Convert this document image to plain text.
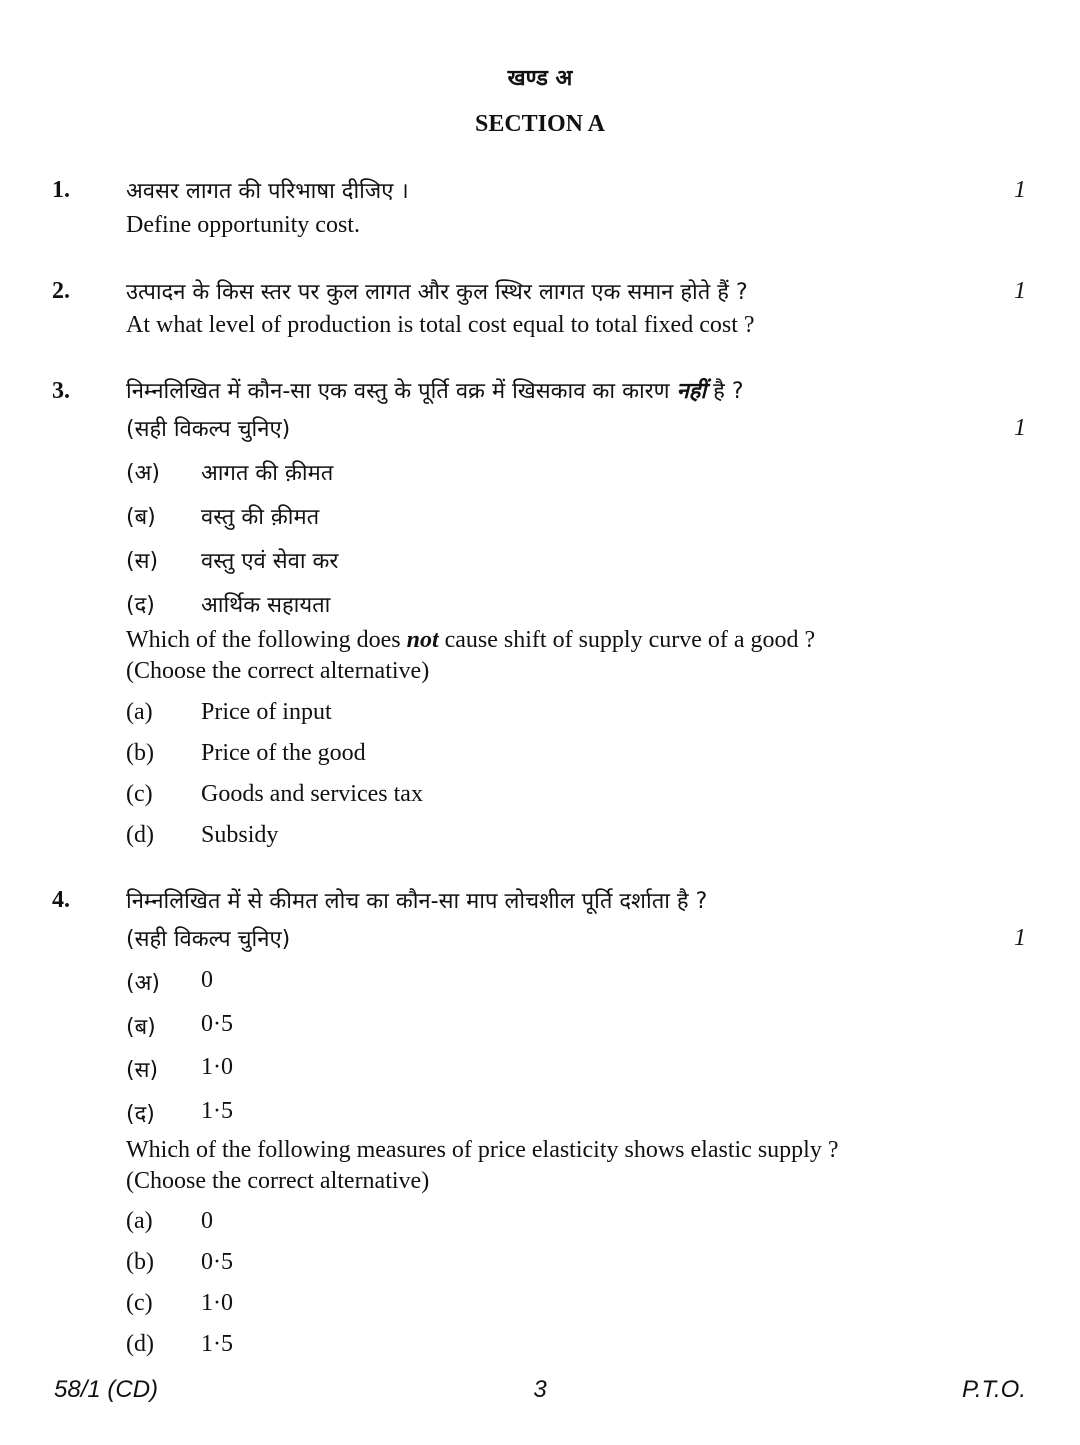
खण्ड अ
SECTION A
1.	अवसर लागत की परिभाषा दीजिए ।	1
Define opportunity cost.
2.	उत्पादन के किस स्तर पर कुल लागत और कुल स्थिर लागत एक समान होते हैं ?	1
At what level of production is total cost equal to total fixed cost ?
3.	निम्नलिखित में कौन-सा एक वस्तु के पूर्ति वक्र में खिसकाव का कारण नहीं है ?
(सही विकल्प चुनिए)	1
(अ) आगत की क़ीमत
(ब) वस्तु की क़ीमत
(स) वस्तु एवं सेवा कर
(द) आर्थिक सहायता
Which of the following does not cause shift of supply curve of a good ?
(Choose the correct alternative)
(a) Price of input
(b) Price of the good
(c) Goods and services tax
(d) Subsidy
4.	निम्नलिखित में से कीमत लोच का कौन-सा माप लोचशील पूर्ति दर्शाता है ?
(सही विकल्प चुनिए)	1
(अ) 0
(ब) 0·5
(स) 1·0
(द) 1·5
Which of the following measures of price elasticity shows elastic supply ?
(Choose the correct alternative)
(a) 0
(b) 0·5
(c) 1·0
(d) 1·5
58/1 (CD)	3	P.T.O.
